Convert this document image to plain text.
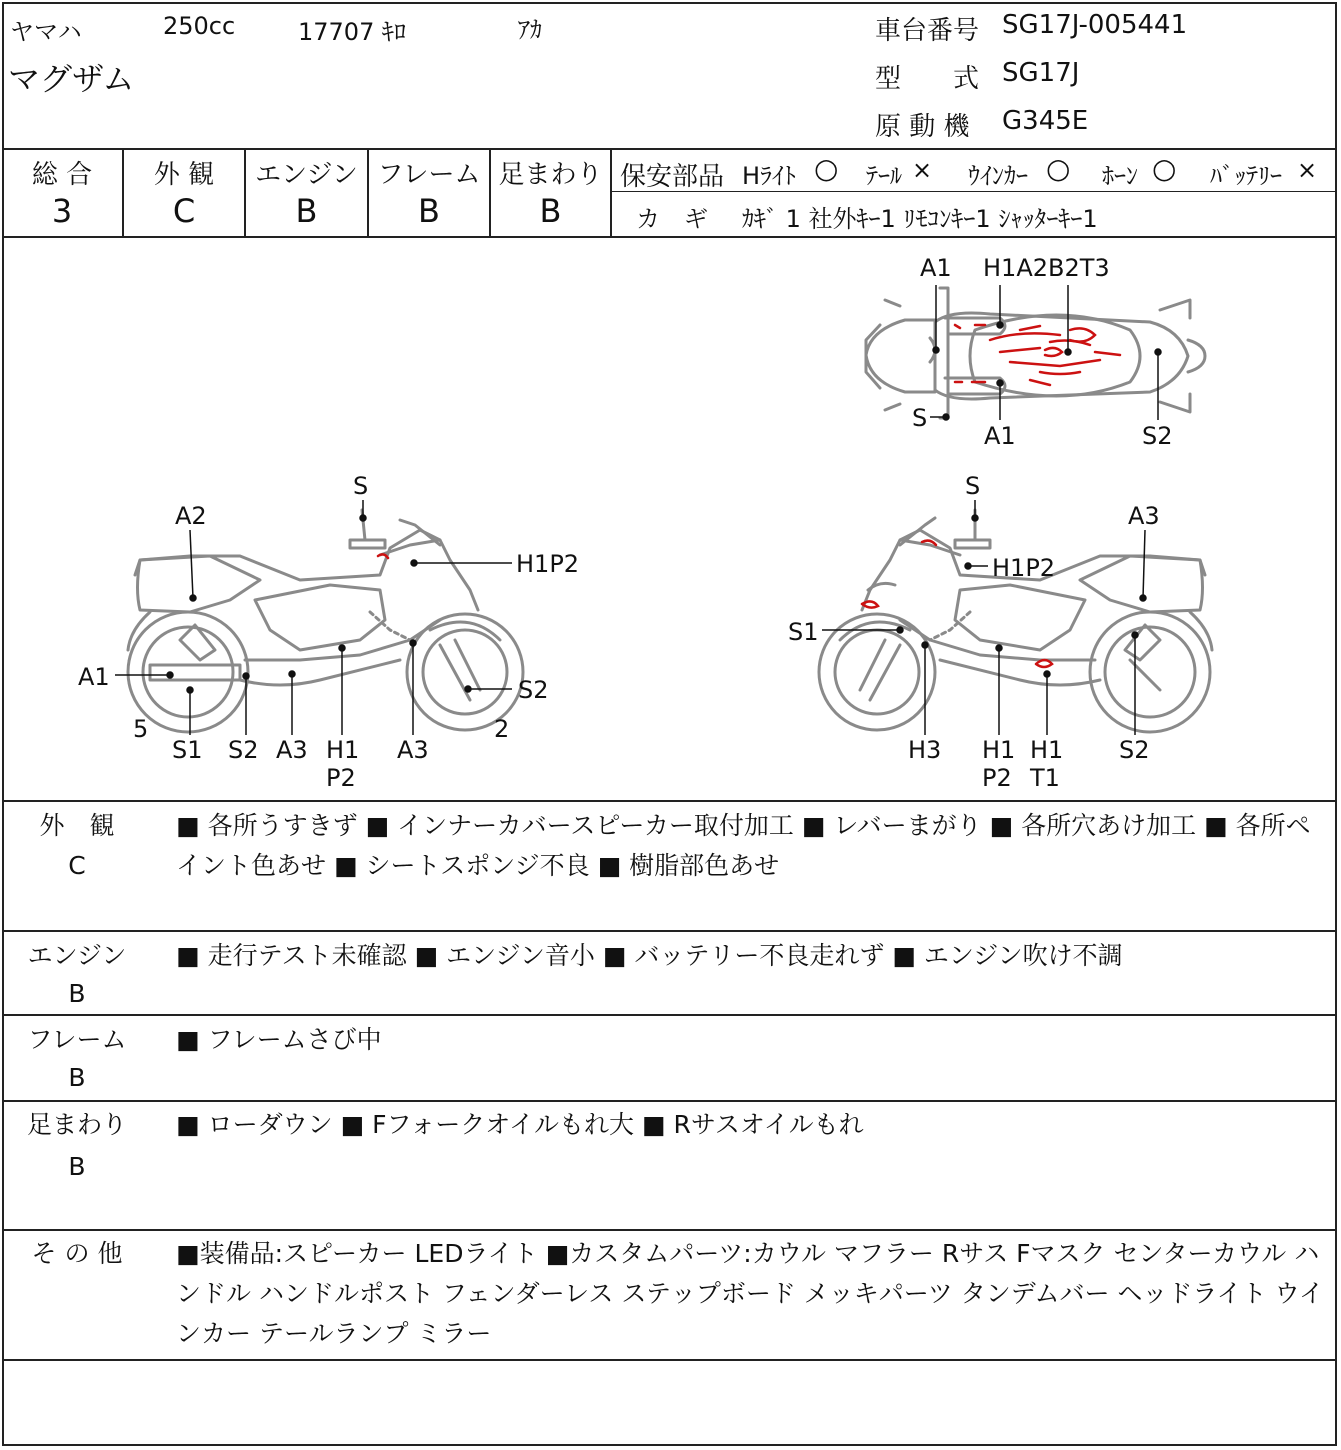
ヤマハ	250cc	17707 ｷﾛ	ｱｶ
マグザム
車台番号 SG17J-005441
型　　式 SG17J
原 動 機 G345E
総 合
3
外 観
C
エンジン
B
フレーム
B
足まわり
B
保安部品 Hﾗｲﾄ ○ ﾃｰﾙ × ｳｲﾝｶｰ ○ ﾎｰﾝ ○ ﾊﾞｯﾃﾘｰ ×
カ　ギ ｶｷﾞ 1 社外ｷｰ1 ﾘﾓｺﾝｷｰ1 ｼｬｯﾀｰｷｰ1
A1 H1A2B2T3
S
A1	S2
S
A2
H1P2
A1	S2
5
S1 S2 A3 H1
P2
A3
2
S
A3
H1P2
S1
H3 H1
P2
H1
T1
S2
外　観
C
■ 各所うすきず ■ インナーカバースピーカー取付加工 ■ レバーまがり ■ 各所穴あけ加工 ■ 各所ペイント色あせ ■ シートスポンジ不良 ■ 樹脂部色あせ
エンジン
B
■ 走行テスト未確認 ■ エンジン音小 ■ バッテリー不良走れず ■ エンジン吹け不調
フレーム
B
■ フレームさび中
足まわり
B
■ ローダウン ■ Fフォークオイルもれ大 ■ Rサスオイルもれ
そ の 他	■装備品:スピーカー LEDライト ■カスタムパーツ:カウル マフラー Rサス Fマスク センターカウル ハンドル ハンドルポスト フェンダーレス ステップボード メッキパーツ タンデムバー ヘッドライト ウインカー テールランプ ミラー
